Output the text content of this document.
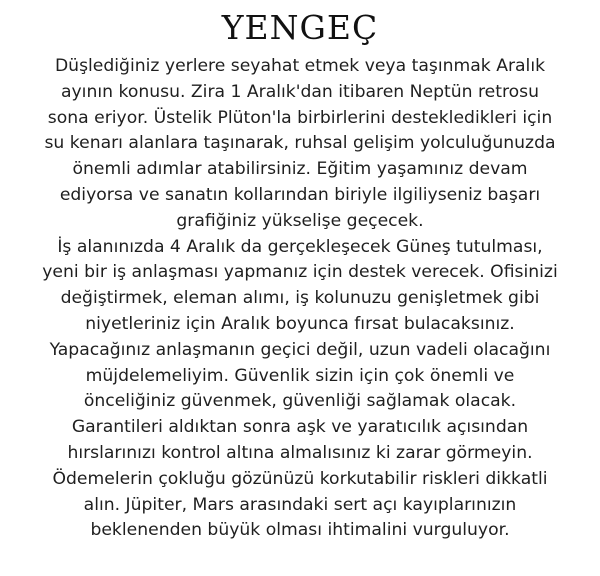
YENGEÇ
Düşlediğiniz yerlere seyahat etmek veya taşınmak Aralık
ayının konusu. Zira 1 Aralık'dan itibaren Neptün retrosu
sona eriyor. Üstelik Plüton'la birbirlerini destekledikleri için
su kenarı alanlara taşınarak, ruhsal gelişim yolculuğunuzda
önemli adımlar atabilirsiniz. Eğitim yaşamınız devam
ediyorsa ve sanatın kollarından biriyle ilgiliyseniz başarı
grafiğiniz yükselişe geçecek.
İş alanınızda 4 Aralık da gerçekleşecek Güneş tutulması,
yeni bir iş anlaşması yapmanız için destek verecek. Ofisinizi
değiştirmek, eleman alımı, iş kolunuzu genişletmek gibi
niyetleriniz için Aralık boyunca fırsat bulacaksınız.
Yapacağınız anlaşmanın geçici değil, uzun vadeli olacağını
müjdelemeliyim. Güvenlik sizin için çok önemli ve
önceliğiniz güvenmek, güvenliği sağlamak olacak.
Garantileri aldıktan sonra aşk ve yaratıcılık açısından
hırslarınızı kontrol altına almalısınız ki zarar görmeyin.
Ödemelerin çokluğu gözünüzü korkutabilir riskleri dikkatli
alın. Jüpiter, Mars arasındaki sert açı kayıplarınızın
beklenenden büyük olması ihtimalini vurguluyor.
